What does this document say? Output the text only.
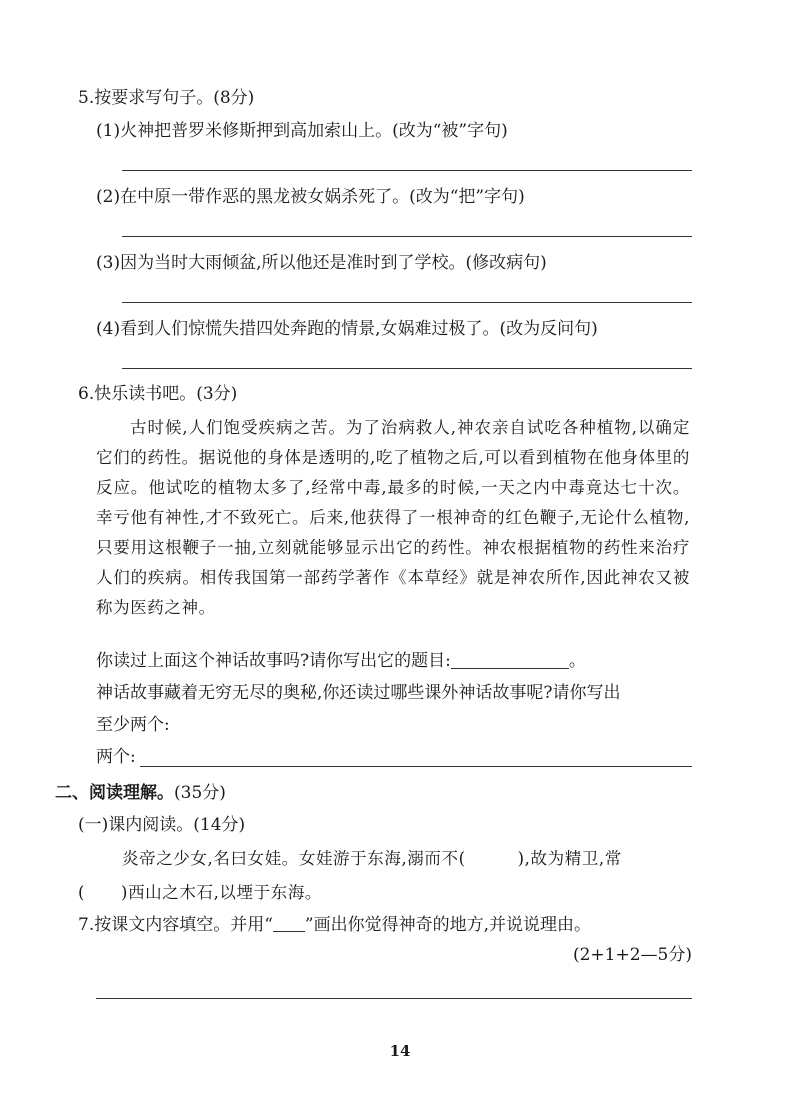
5.按要求写句子。(8分)
(1)火神把普罗米修斯押到高加索山上。(改为“被”字句)
(2)在中原一带作恶的黑龙被女娲杀死了。(改为“把”字句)
(3)因为当时大雨倾盆,所以他还是准时到了学校。(修改病句)
(4)看到人们惊慌失措四处奔跑的情景,女娲难过极了。(改为反问句)
6.快乐读书吧。(3分)
古时候,人们饱受疾病之苦。为了治病救人,神农亲自试吃各种植物,以确定它们的药性。据说他的身体是透明的,吃了植物之后,可以看到植物在他身体里的反应。他试吃的植物太多了,经常中毒,最多的时候,一天之内中毒竟达七十次。幸亏他有神性,才不致死亡。后来,他获得了一根神奇的红色鞭子,无论什么植物,只要用这根鞭子一抽,立刻就能够显示出它的药性。神农根据植物的药性来治疗人们的疾病。相传我国第一部药学著作《本草经》就是神农所作,因此神农又被称为医药之神。
你读过上面这个神话故事吗?请你写出它的题目:	。
神话故事藏着无穷无尽的奥秘,你还读过哪些课外神话故事呢?请你写出
至少两个:
两个:
二、阅读理解。(35分)
(一)课内阅读。(14分)
炎帝之少女,名曰女娃。女娃游于东海,溺而不(	),故为精卫,常
( )西山之木石,以堙于东海。
7.按课文内容填空。并用“ ”画出你觉得神奇的地方,并说说理由。
(2+1+2—5分)
14
